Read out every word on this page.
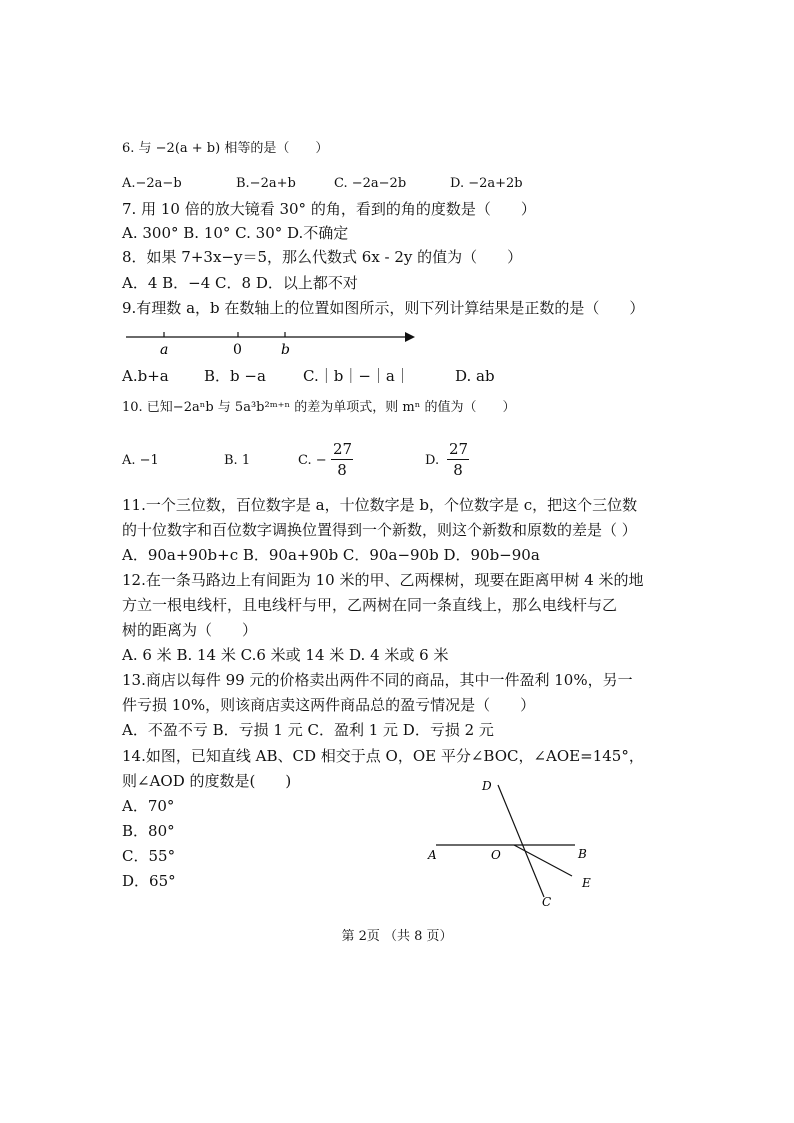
6. 与 −2(a + b) 相等的是（　　）
A.−2a−b	B.−2a+b	C. −2a−2b	D. −2a+2b
7. 用 10 倍的放大镜看 30° 的角，看到的角的度数是（　　）
A. 300° B. 10° C. 30° D.不确定
8．如果 7+3x−y＝5，那么代数式 6x - 2y 的值为（　　）
A．4 B．−4 C．8 D．以上都不对
9.有理数 a，b 在数轴上的位置如图所示，则下列计算结果是正数的是（　　）
a	0	b
A.b+a B．b −a C.｜b｜−｜a｜	D. ab
10. 已知−2aⁿb 与 5a³b²ᵐ⁺ⁿ 的差为单项式，则 mⁿ 的值为（　　）
A. −1	B. 1	C. −
27
8
D.
27
8
11.一个三位数，百位数字是 a，十位数字是 b，个位数字是 c，把这个三位数
的十位数字和百位数字调换位置得到一个新数，则这个新数和原数的差是（ ）
A．90a+90b+c B．90a+90b C．90a−90b D．90b−90a
12.在一条马路边上有间距为 10 米的甲、乙两棵树，现要在距离甲树 4 米的地
方立一根电线杆，且电线杆与甲，乙两树在同一条直线上，那么电线杆与乙
树的距离为（　　）
A. 6 米 B. 14 米 C.6 米或 14 米 D. 4 米或 6 米
13.商店以每件 99 元的价格卖出两件不同的商品，其中一件盈利 10%，另一
件亏损 10%，则该商店卖这两件商品总的盈亏情况是（　　）
A．不盈不亏 B．亏损 1 元 C．盈利 1 元 D．亏损 2 元
14.如图，已知直线 AB、CD 相交于点 O，OE 平分∠BOC，∠AOE=145°，
则∠AOD 的度数是(　　)
A．70°
B．80°
C．55°
D．65°
D
A	O	B
E
C
第 2页 （共 8 页）
